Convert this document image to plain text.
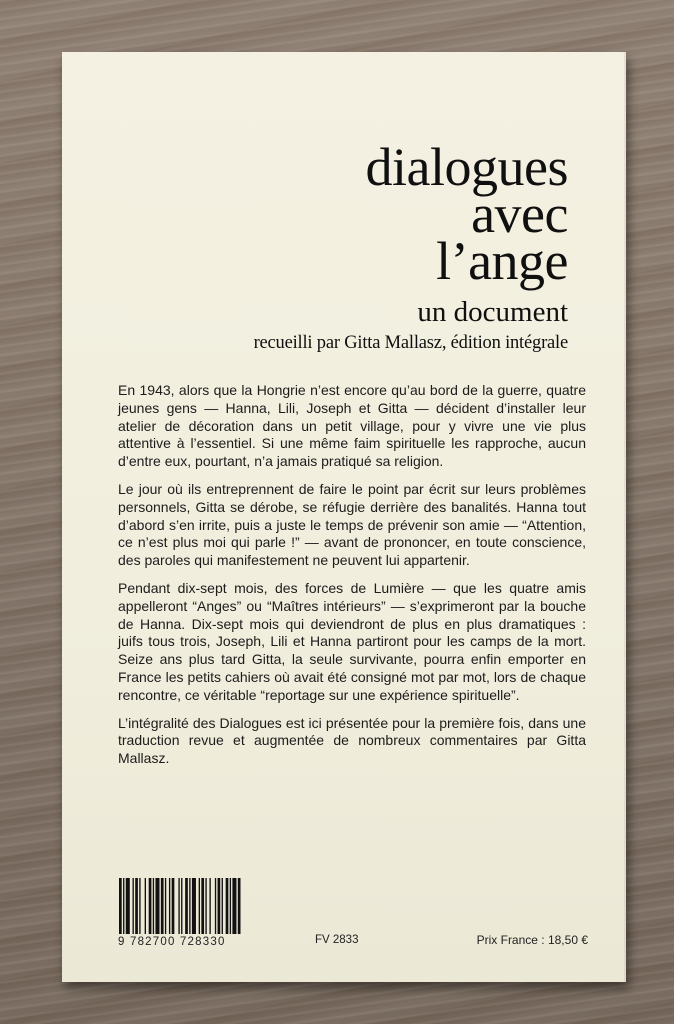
dialogues
avec
l’ange
un document
recueilli par Gitta Mallasz, édition intégrale

En 1943, alors que la Hongrie n’est encore qu’au bord de la guerre, quatre jeunes gens — Hanna, Lili, Joseph et Gitta — décident d’installer leur atelier de décoration dans un petit village, pour y vivre une vie plus attentive à l’essentiel. Si une même faim spirituelle les rapproche, aucun d’entre eux, pourtant, n’a jamais pratiqué sa religion.

Le jour où ils entreprennent de faire le point par écrit sur leurs problèmes personnels, Gitta se dérobe, se réfugie derrière des banalités. Hanna tout d’abord s’en irrite, puis a juste le temps de prévenir son amie — “Attention, ce n’est plus moi qui parle !” — avant de prononcer, en toute conscience, des paroles qui manifestement ne peuvent lui appartenir.

Pendant dix-sept mois, des forces de Lumière — que les quatre amis appelleront “Anges” ou “Maîtres intérieurs” — s’exprimeront par la bouche de Hanna. Dix-sept mois qui deviendront de plus en plus dramatiques : juifs tous trois, Joseph, Lili et Hanna partiront pour les camps de la mort. Seize ans plus tard Gitta, la seule survivante, pourra enfin emporter en France les petits cahiers où avait été consigné mot par mot, lors de chaque rencontre, ce véritable “reportage sur une expérience spirituelle”.

L’intégralité des Dialogues est ici présentée pour la première fois, dans une traduction revue et augmentée de nombreux commentaires par Gitta Mallasz.

9 782700 728330	FV 2833	Prix France : 18,50 €
